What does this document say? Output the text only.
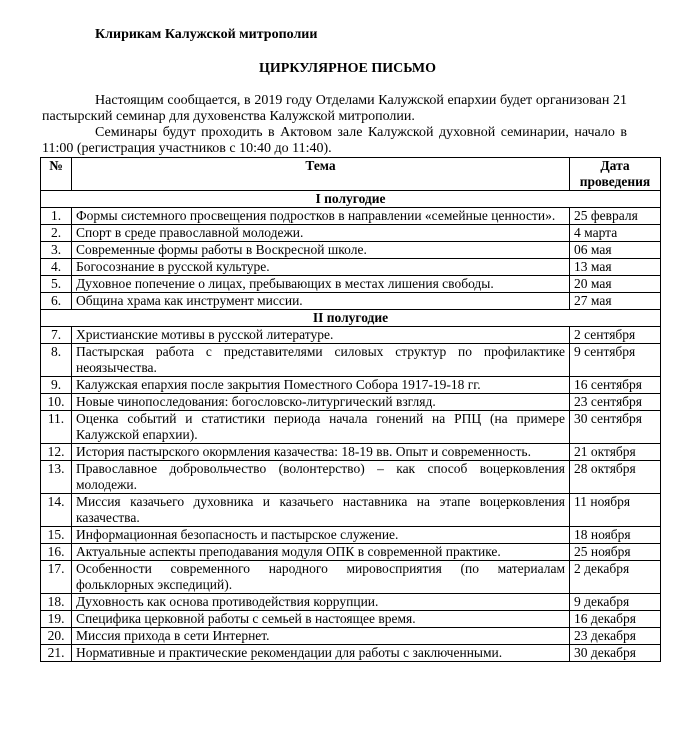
Клирикам Калужской митрополии
ЦИРКУЛЯРНОЕ ПИСЬМО
Настоящим сообщается, в 2019 году Отделами Калужской епархии будет организован 21 пастырский семинар для духовенства Калужской митрополии.
Семинары будут проходить в Актовом зале Калужской духовной семинарии, начало в 11:00 (регистрация участников с 10:40 до 11:40).
№	Тема	Дата проведения
I полугодие		
1.	Формы системного просвещения подростков в направлении «семейные ценности».	25 февраля
2.	Спорт в среде православной молодежи.	4 марта
3.	Современные формы работы в Воскресной школе.	06 мая
4.	Богосознание в русской культуре.	13 мая
5.	Духовное попечение о лицах, пребывающих в местах лишения свободы.	20 мая
6.	Община храма как инструмент миссии.	27 мая
II полугодие		
7.	Христианские мотивы в русской литературе.	2 сентября
8.	Пастырская работа с представителями силовых структур по профилактике неоязычества.	9 сентября
9.	Калужская епархия после закрытия Поместного Собора 1917-19-18 гг.	16 сентября
10.	Новые чинопоследования: богословско-литургический взгляд.	23 сентября
11.	Оценка событий и статистики периода начала гонений на РПЦ (на примере Калужской епархии).	30 сентября
12.	История пастырского окормления казачества: 18-19 вв. Опыт и современность.	21 октября
13.	Православное добровольчество (волонтерство) – как способ воцерковления молодежи.	28 октября
14.	Миссия казачьего духовника и казачьего наставника на этапе воцерковления казачества.	11 ноября
15.	Информационная безопасность и пастырское служение.	18 ноября
16.	Актуальные аспекты преподавания модуля ОПК в современной практике.	25 ноября
17.	Особенности современного народного мировосприятия (по материалам фольклорных экспедиций).	2 декабря
18.	Духовность как основа противодействия коррупции.	9 декабря
19.	Специфика церковной работы с семьей в настоящее время.	16 декабря
20.	Миссия прихода в сети Интернет.	23 декабря
21.	Нормативные и практические рекомендации для работы с заключенными.	30 декабря
